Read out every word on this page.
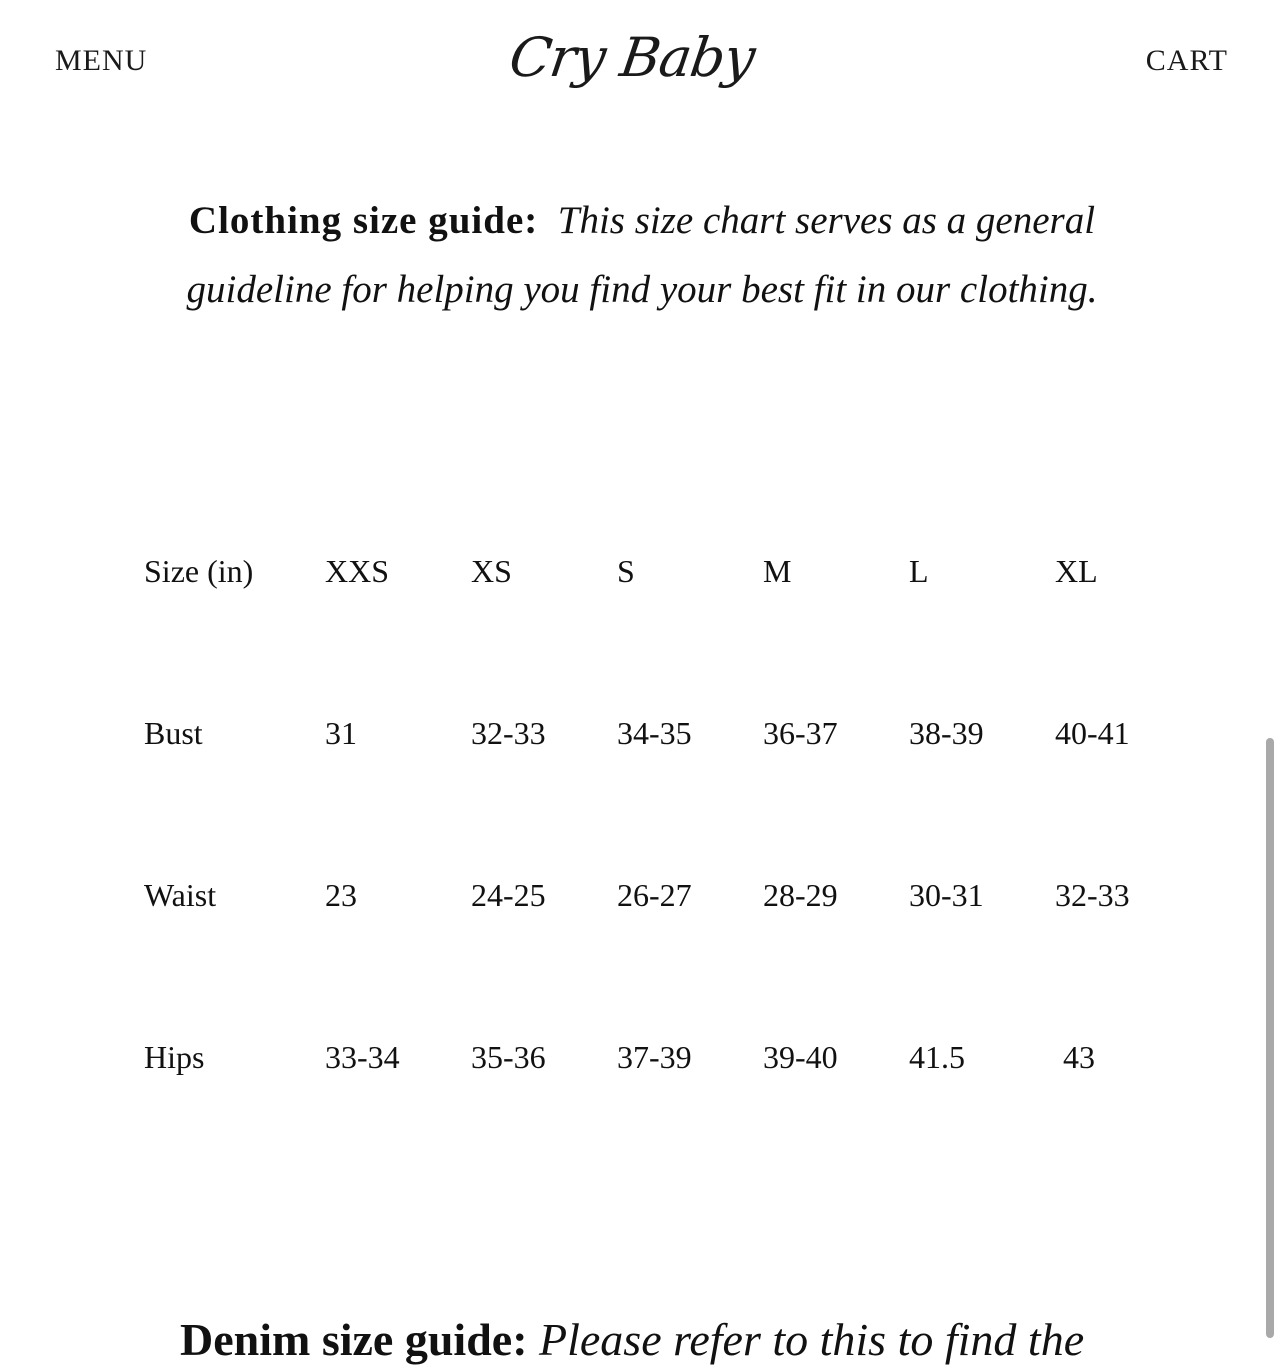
MENU	Cry Baby	CART
Clothing size guide: This size chart serves as a general guideline for helping you find your best fit in our clothing.
Size (in)	XXS	XS	S	M	L	XL
Bust	31	32-33	34-35	36-37	38-39	40-41
Waist	23	24-25	26-27	28-29	30-31	32-33
Hips	33-34	35-36	37-39	39-40	41.5	43
Denim size guide: Please refer to this to find the
